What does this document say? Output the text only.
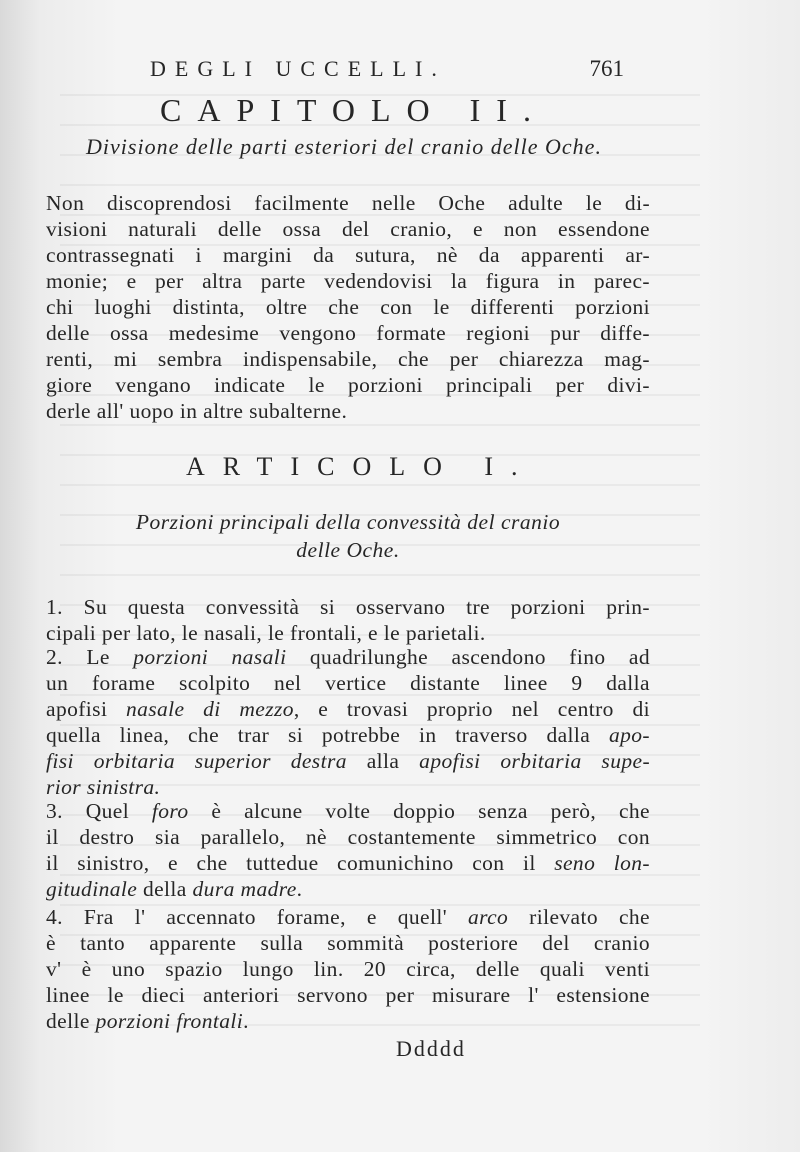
DEGLI UCCELLI.	761
CAPITOLO II.
Divisione delle parti esteriori del cranio delle Oche.
Non discoprendosi facilmente nelle Oche adulte le di-
visioni naturali delle ossa del cranio, e non essendone
contrassegnati i margini da sutura, nè da apparenti ar-
monie; e per altra parte vedendovisi la figura in parec-
chi luoghi distinta, oltre che con le differenti porzioni
delle ossa medesime vengono formate regioni pur diffe-
renti, mi sembra indispensabile, che per chiarezza mag-
giore vengano indicate le porzioni principali per divi-
derle all' uopo in altre subalterne.
ARTICOLO I.
Porzioni principali della convessità del cranio
delle Oche.
1. Su questa convessità si osservano tre porzioni prin-
cipali per lato, le nasali, le frontali, e le parietali.
2. Le porzioni nasali quadrilunghe ascendono fino ad
un forame scolpito nel vertice distante linee 9 dalla
apofisi nasale di mezzo, e trovasi proprio nel centro di
quella linea, che trar si potrebbe in traverso dalla apo-
fisi orbitaria superior destra alla apofisi orbitaria supe-
rior sinistra.
3. Quel foro è alcune volte doppio senza però, che
il destro sia parallelo, nè costantemente simmetrico con
il sinistro, e che tuttedue comunichino con il seno lon-
gitudinale della dura madre.
4. Fra l' accennato forame, e quell' arco rilevato che
è tanto apparente sulla sommità posteriore del cranio
v' è uno spazio lungo lin. 20 circa, delle quali venti
linee le dieci anteriori servono per misurare l' estensione
delle porzioni frontali.
Ddddd
